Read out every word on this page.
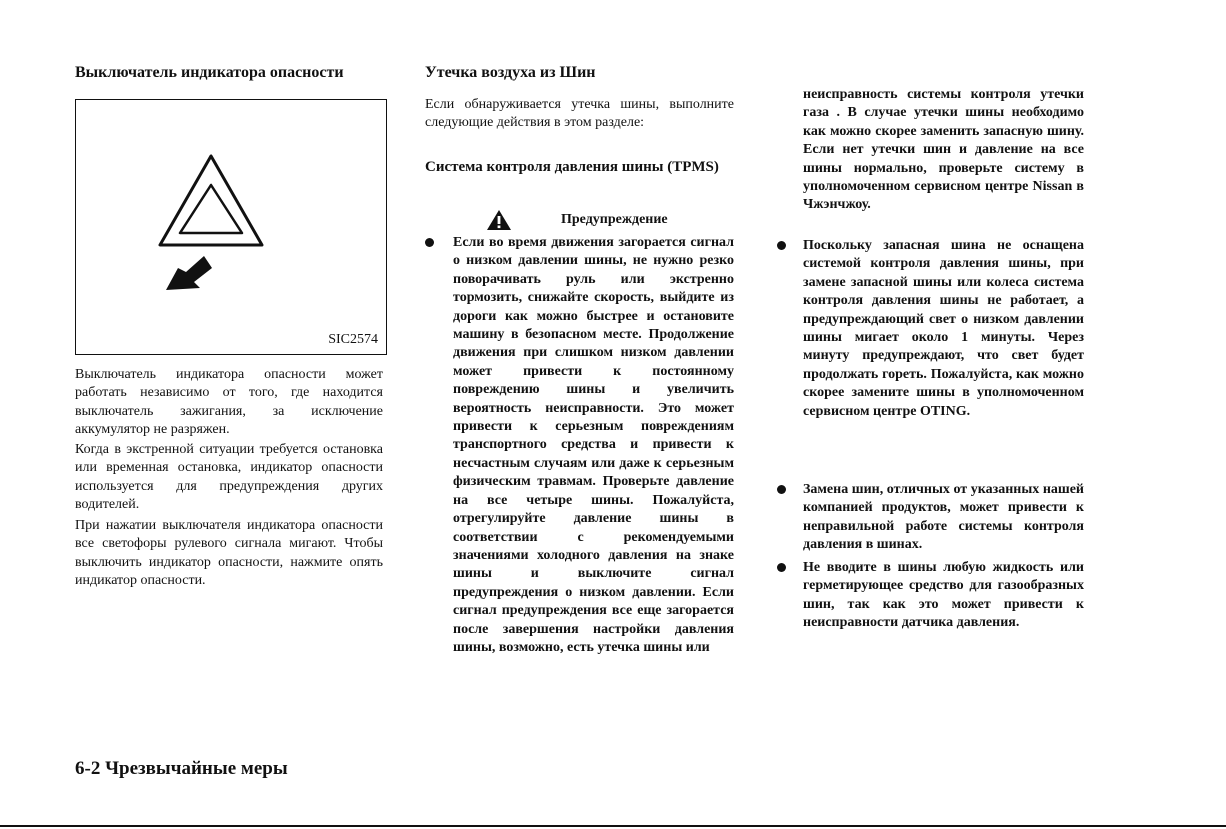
Выключатель индикатора опасности
SIC2574

Выключатель индикатора опасности может работать независимо от того, где находится выключатель зажигания, за исключение аккумулятор не разряжен.

Когда в экстренной ситуации требуется остановка или временная остановка, индикатор опасности используется для предупреждения других водителей.

При нажатии выключателя индикатора опасности все светофоры рулевого сигнала мигают. Чтобы выключить индикатор опасности, нажмите опять индикатор опасности.

Утечка воздуха из Шин

Если обнаруживается утечка шины, выполните следующие действия в этом разделе:

Система контроля давления шины (TPMS)

Предупреждение

Если во время движения загорается сигнал о низком давлении шины, не нужно резко поворачивать руль или экстренно тормозить, снижайте скорость, выйдите из дороги как можно быстрее и остановите машину в безопасном месте. Продолжение движения при слишком низком давлении может привести к постоянному повреждению шины и увеличить вероятность неисправности. Это может привести к серьезным повреждениям транспортного средства и привести к несчастным случаям или даже к серьезным физическим травмам. Проверьте давление на все четыре шины. Пожалуйста, отрегулируйте давление шины в соответствии с рекомендуемыми значениями холодного давления на знаке шины и выключите сигнал предупреждения о низком давлении. Если сигнал предупреждения все еще загорается после завершения настройки давления шины, возможно, есть утечка шины или

неисправность системы контроля утечки газа . В случае утечки шины необходимо как можно скорее заменить запасную шину. Если нет утечки шин и давление на все шины нормально, проверьте систему в уполномоченном сервисном центре Nissan в Чжэнчжоу.

Поскольку запасная шина не оснащена системой контроля давления шины, при замене запасной шины или колеса система контроля давления шины не работает, а предупреждающий свет о низком давлении шины мигает около 1 минуты. Через минуту предупреждают, что свет будет продолжать гореть. Пожалуйста, как можно скорее замените шины в уполномоченном сервисном центре OTING.

Замена шин, отличных от указанных нашей компанией продуктов, может привести к неправильной работе системы контроля давления в шинах.

Не вводите в шины любую жидкость или герметирующее средство для газообразных шин, так как это может привести к неисправности датчика давления.

6-2 Чрезвычайные меры
